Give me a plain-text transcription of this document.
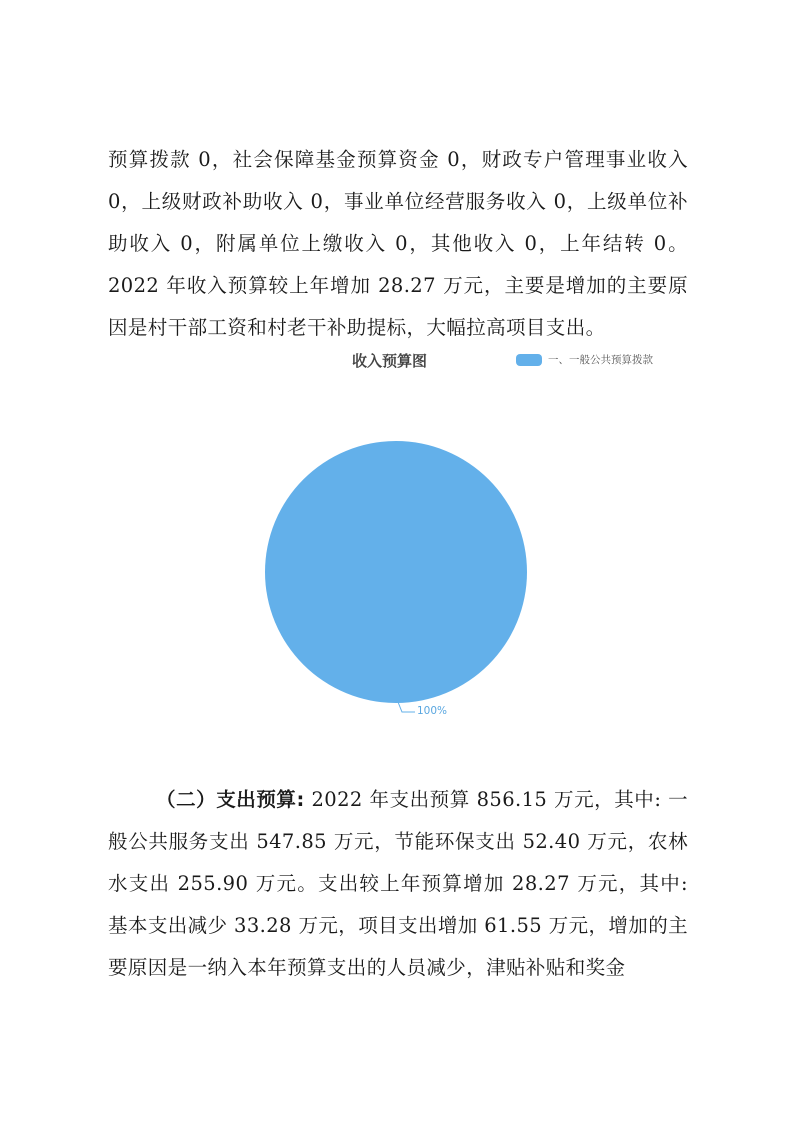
预算拨款 0，社会保障基金预算资金 0，财政专户管理事业收入 0，上级财政补助收入 0，事业单位经营服务收入 0，上级单位补助收入 0，附属单位上缴收入 0，其他收入 0，上年结转 0。2022 年收入预算较上年增加 28.27 万元，主要是增加的主要原因是村干部工资和村老干补助提标，大幅拉高项目支出。

收入预算图	一、一般公共预算拨款
100%

（二）支出预算: 2022 年支出预算 856.15 万元，其中: 一般公共服务支出 547.85 万元，节能环保支出 52.40 万元，农林水支出 255.90 万元。支出较上年预算增加 28.27 万元，其中: 基本支出减少 33.28 万元，项目支出增加 61.55 万元，增加的主要原因是一纳入本年预算支出的人员减少，津贴补贴和奖金
